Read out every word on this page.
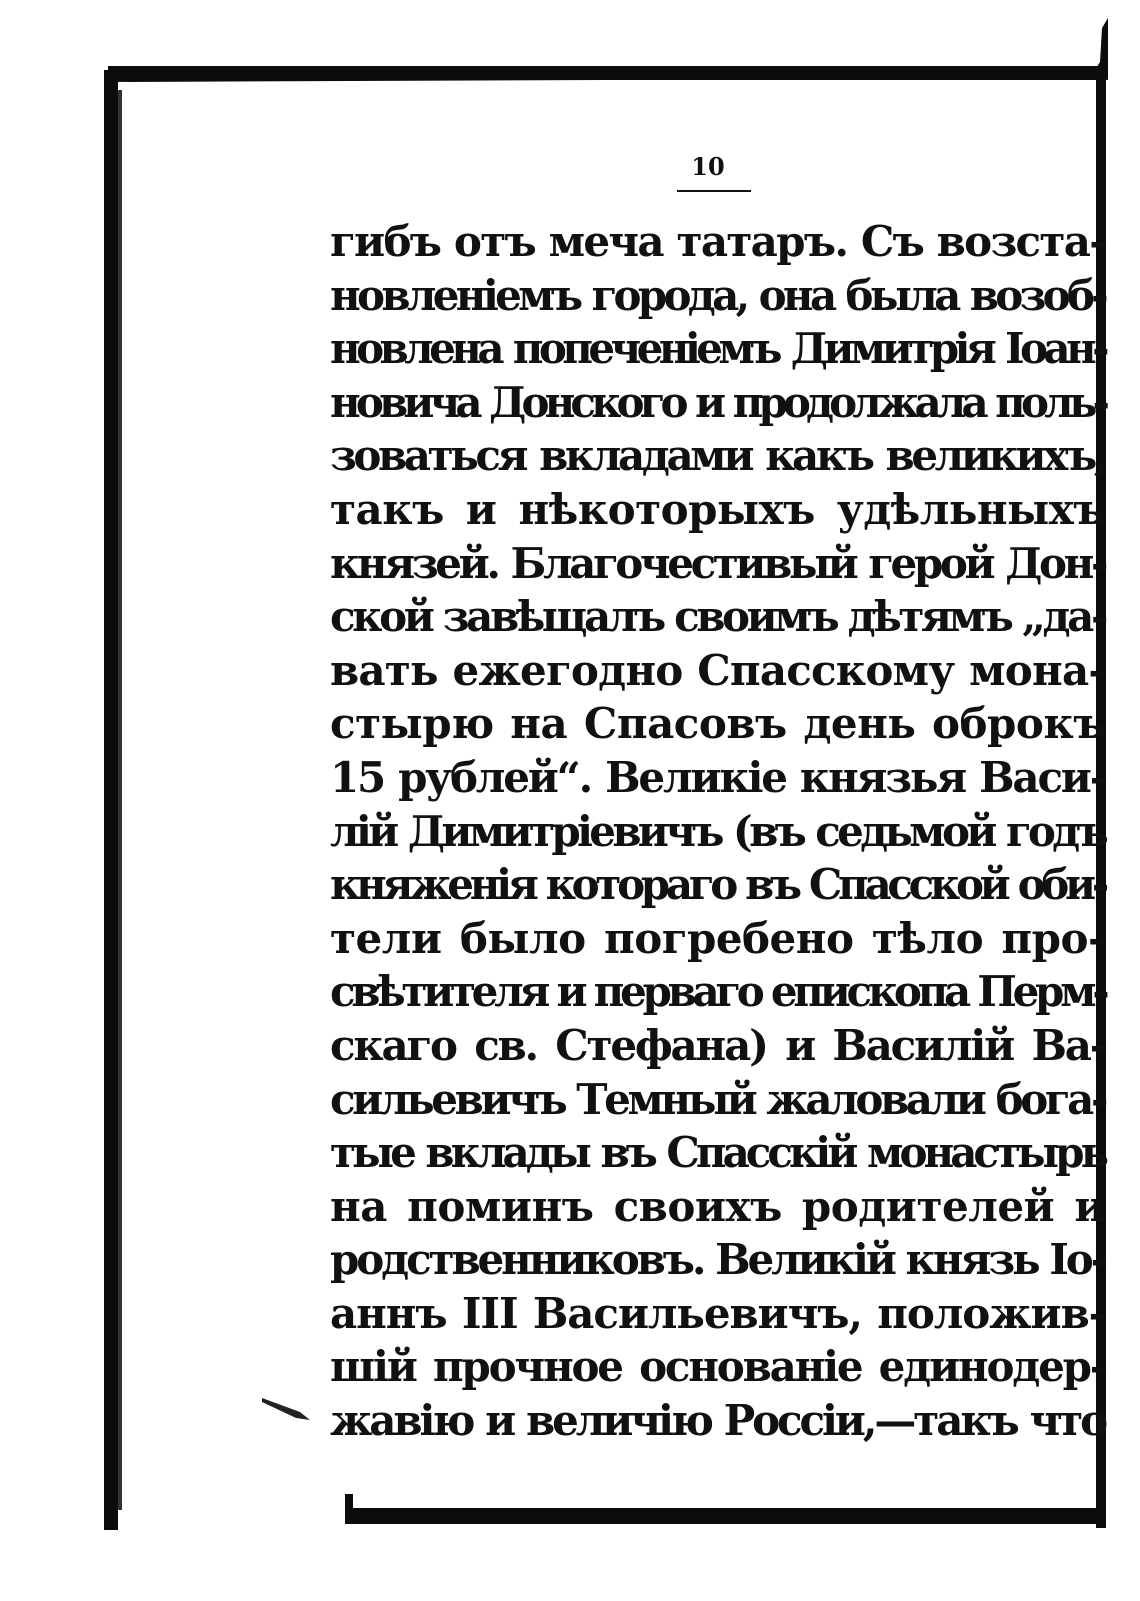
10
гибъ отъ меча татаръ. Съ возста-
новленіемъ города, она была возоб-
новлена попеченіемъ Димитрія Іоан-
новича Донского и продолжала поль-
зоваться вкладами какъ великихъ,
такъ и нѣкоторыхъ удѣльныхъ
князей. Благочестивый герой Дон-
ской завѣщалъ своимъ дѣтямъ „да-
вать ежегодно Спасскому мона-
стырю на Спасовъ день оброкъ
15 рублей“. Великіе князья Васи-
лій Димитріевичъ (въ седьмой годъ
княженія котораго въ Спасской оби-
тели было погребено тѣло про-
свѣтителя и перваго епископа Перм-
скаго св. Стефана) и Василій Ва-
сильевичъ Темный жаловали бога-
тые вклады въ Спасскій монастырь
на поминъ своихъ родителей и
родственниковъ. Великій князь Іо-
аннъ III Васильевичъ, положив-
шій прочное основаніе единодер-
жавію и величію Россіи,—такъ что
